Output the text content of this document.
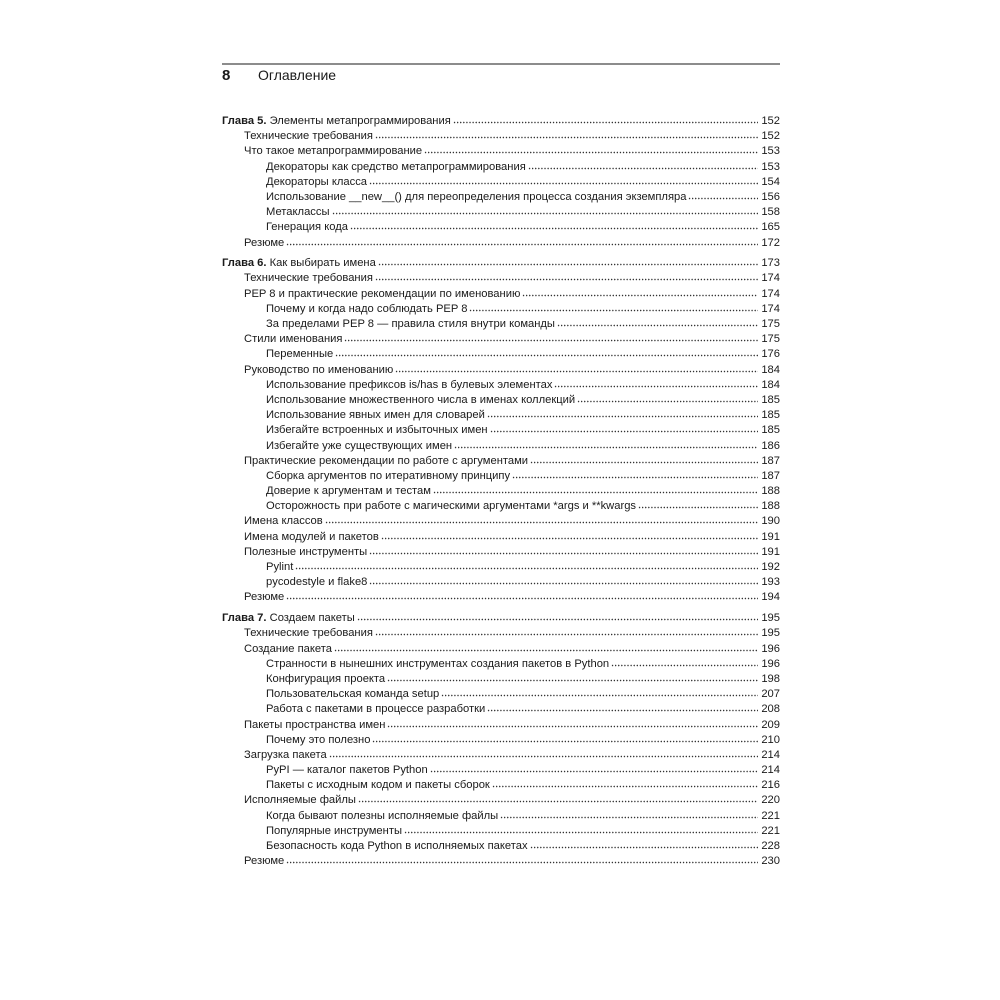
8	Оглавление
Глава 5. Элементы метапрограммирования	152
Технические требования	152
Что такое метапрограммирование	153
Декораторы как средство метапрограммирования	153
Декораторы класса	154
Использование __new__() для переопределения процесса создания экземпляра	156
Метаклассы	158
Генерация кода	165
Резюме	172
Глава 6. Как выбирать имена	173
Технические требования	174
PEP 8 и практические рекомендации по именованию	174
Почему и когда надо соблюдать PEP 8	174
За пределами PEP 8 — правила стиля внутри команды	175
Стили именования	175
Переменные	176
Руководство по именованию	184
Использование префиксов is/has в булевых элементах	184
Использование множественного числа в именах коллекций	185
Использование явных имен для словарей	185
Избегайте встроенных и избыточных имен	185
Избегайте уже существующих имен	186
Практические рекомендации по работе с аргументами	187
Сборка аргументов по итеративному принципу	187
Доверие к аргументам и тестам	188
Осторожность при работе с магическими аргументами *args и **kwargs	188
Имена классов	190
Имена модулей и пакетов	191
Полезные инструменты	191
Pylint	192
pycodestyle и flake8	193
Резюме	194
Глава 7. Создаем пакеты	195
Технические требования	195
Создание пакета	196
Странности в нынешних инструментах создания пакетов в Python	196
Конфигурация проекта	198
Пользовательская команда setup	207
Работа с пакетами в процессе разработки	208
Пакеты пространства имен	209
Почему это полезно	210
Загрузка пакета	214
PyPI — каталог пакетов Python	214
Пакеты с исходным кодом и пакеты сборок	216
Исполняемые файлы	220
Когда бывают полезны исполняемые файлы	221
Популярные инструменты	221
Безопасность кода Python в исполняемых пакетах	228
Резюме	230
